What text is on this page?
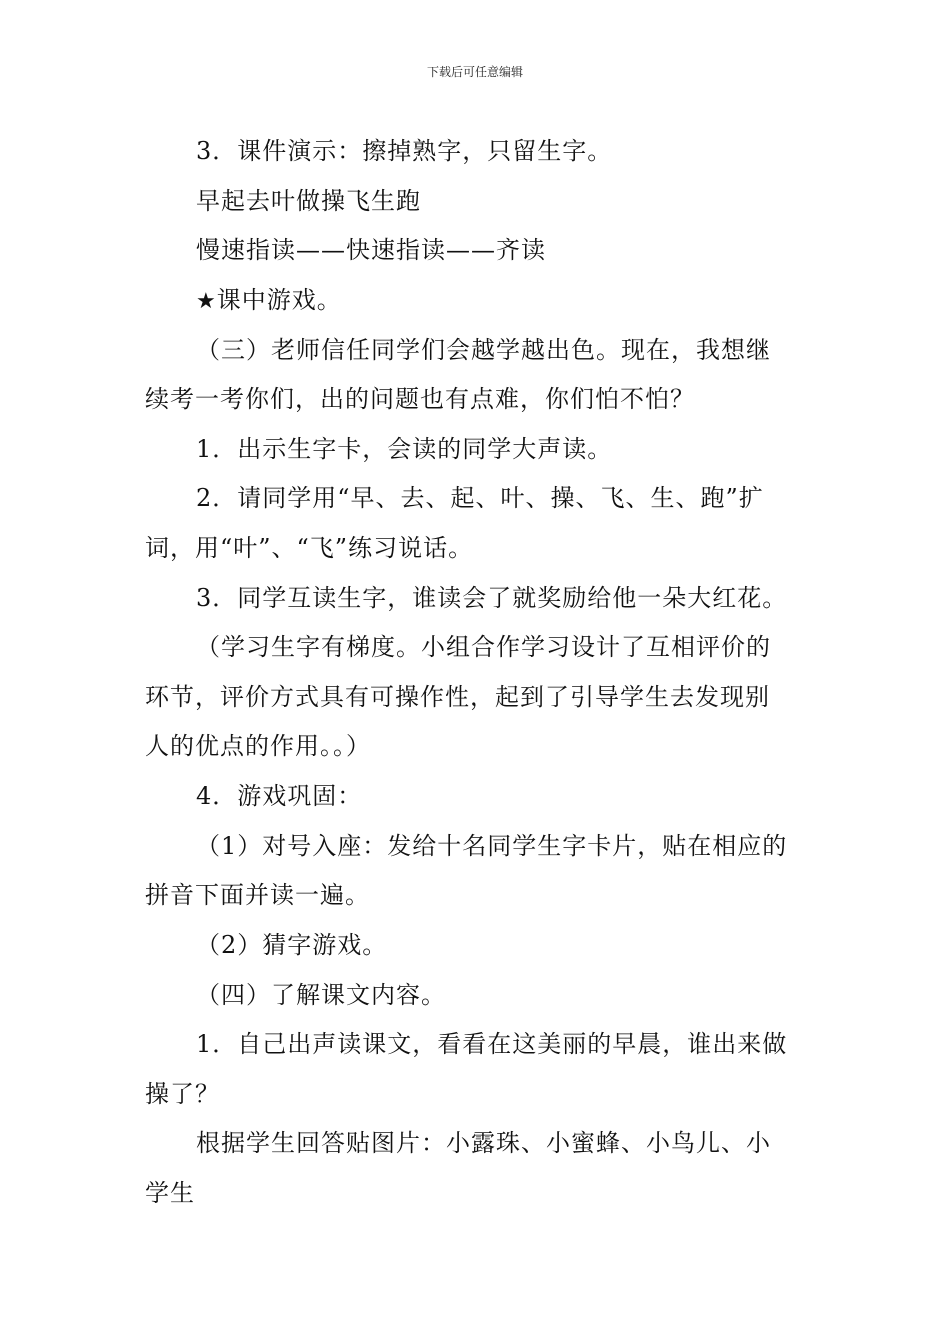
下载后可任意编辑
3．课件演示：擦掉熟字，只留生字。
早起去叶做操飞生跑
慢速指读——快速指读——齐读
★课中游戏。
（三）老师信任同学们会越学越出色。现在，我想继
续考一考你们，出的问题也有点难，你们怕不怕？
1．出示生字卡，会读的同学大声读。
2．请同学用“早、去、起、叶、操、飞、生、跑”扩
词，用“叶”、“飞”练习说话。
3．同学互读生字，谁读会了就奖励给他一朵大红花。
（学习生字有梯度。小组合作学习设计了互相评价的
环节，评价方式具有可操作性，起到了引导学生去发现别
人的优点的作用。。）
4．游戏巩固：
（1）对号入座：发给十名同学生字卡片，贴在相应的
拼音下面并读一遍。
（2）猜字游戏。
（四）了解课文内容。
1．自己出声读课文，看看在这美丽的早晨，谁出来做
操了？
根据学生回答贴图片：小露珠、小蜜蜂、小鸟儿、小
学生
